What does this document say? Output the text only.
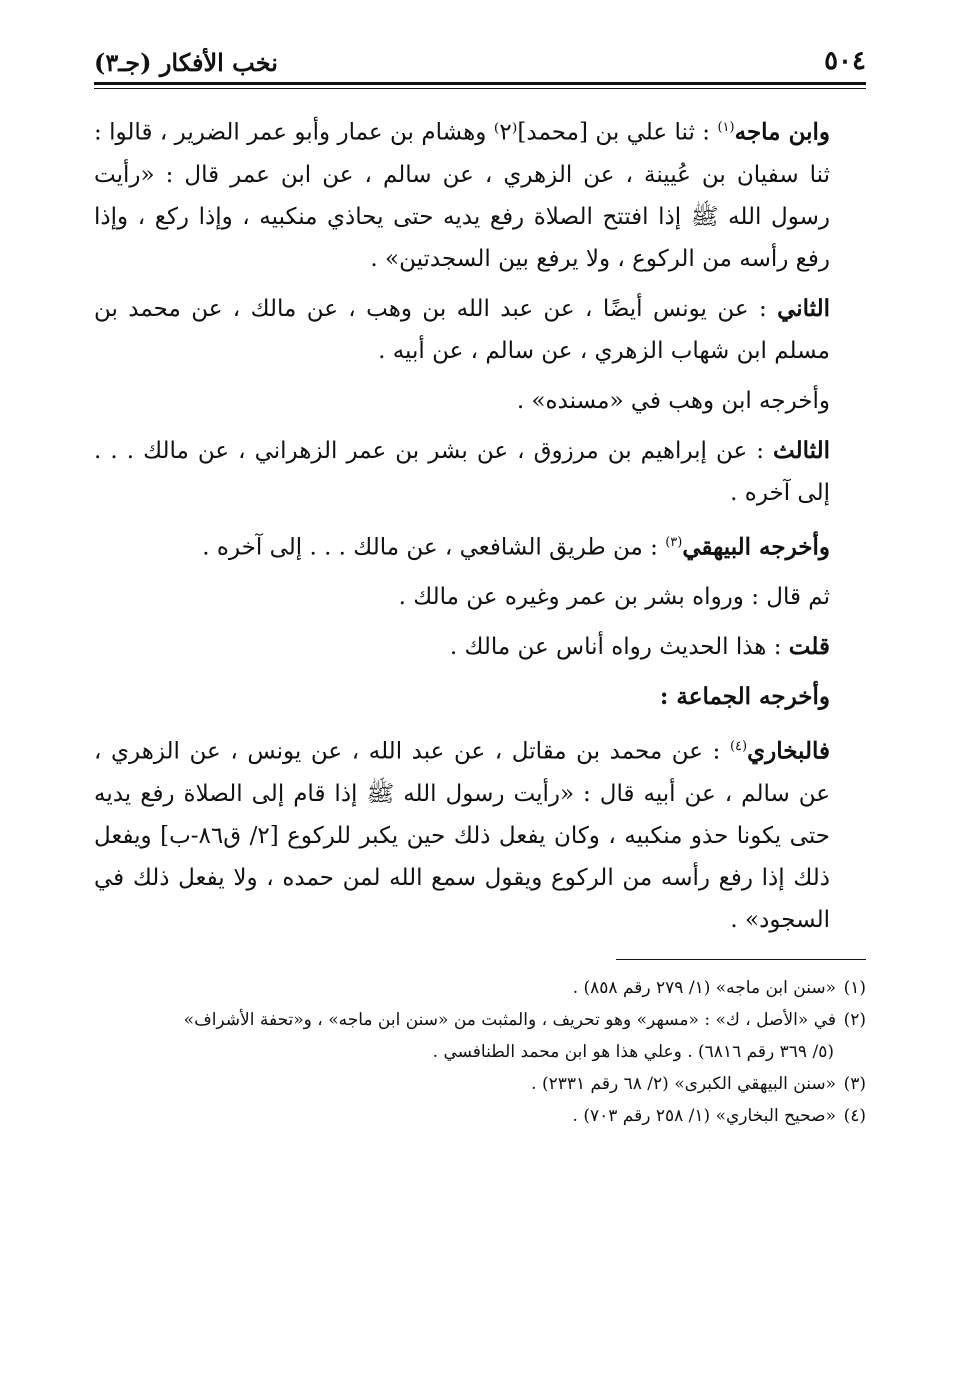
٥٠٤
نخب الأفكار (جـ٣)

وابن ماجه$^{(١)}$ : ثنا علي بن [محمد]⁽٢⁾ وهشام بن عمار وأبو عمر الضرير ، قالوا : ثنا سفيان بن عُيينة ، عن الزهري ، عن سالم ، عن ابن عمر قال : «رأيت رسول الله ﷺ إذا افتتح الصلاة رفع يديه حتى يحاذي منكبيه ، وإذا ركع ، وإذا رفع رأسه من الركوع ، ولا يرفع بين السجدتين» .

الثاني : عن يونس أيضًا ، عن عبد الله بن وهب ، عن مالك ، عن محمد بن مسلم ابن شهاب الزهري ، عن سالم ، عن أبيه .

وأخرجه ابن وهب في «مسنده» .

الثالث : عن إبراهيم بن مرزوق ، عن بشر بن عمر الزهراني ، عن مالك . . . إلى آخره .

وأخرجه البيهقي$^{(٣)}$ : من طريق الشافعي ، عن مالك . . . إلى آخره .

ثم قال : ورواه بشر بن عمر وغيره عن مالك .

قلت : هذا الحديث رواه أناس عن مالك .

وأخرجه الجماعة :

فالبخاري$^{(٤)}$ : عن محمد بن مقاتل ، عن عبد الله ، عن يونس ، عن الزهري ، عن سالم ، عن أبيه قال : «رأيت رسول الله ﷺ إذا قام إلى الصلاة رفع يديه حتى يكونا حذو منكبيه ، وكان يفعل ذلك حين يكبر للركوع [٢/ ق٨٦-ب] ويفعل ذلك إذا رفع رأسه من الركوع ويقول سمع الله لمن حمده ، ولا يفعل ذلك في السجود» .

(١)«سنن ابن ماجه» (١/ ٢٧٩ رقم ٨٥٨) .

(٢)في «الأصل ، ك» : «مسهر» وهو تحريف ، والمثبت من «سنن ابن ماجه» ، و«تحفة الأشراف»

(٥/ ٣٦٩ رقم ٦٨١٦) . وعلي هذا هو ابن محمد الطنافسي .

(٣)«سنن البيهقي الكبرى» (٢/ ٦٨ رقم ٢٣٣١) .

(٤)«صحيح البخاري» (١/ ٢٥٨ رقم ٧٠٣) .
